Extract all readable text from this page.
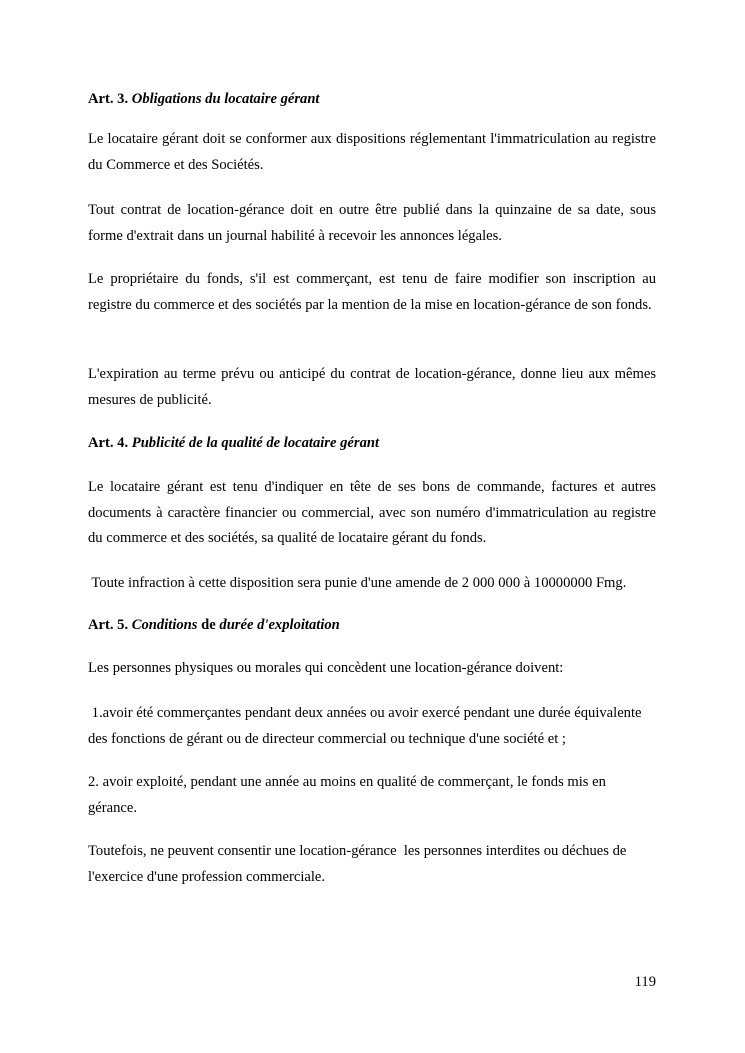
Art. 3. Obligations du locataire gérant

Le locataire gérant doit se conformer aux dispositions réglementant l'immatriculation au registre du Commerce et des Sociétés.

Tout contrat de location-gérance doit en outre être publié dans la quinzaine de sa date, sous forme d'extrait dans un journal habilité à recevoir les annonces légales.

Le propriétaire du fonds, s'il est commerçant, est tenu de faire modifier son inscription au registre du commerce et des sociétés par la mention de la mise en location-gérance de son fonds.

L'expiration au terme prévu ou anticipé du contrat de location-gérance, donne lieu aux mêmes mesures de publicité.

Art. 4. Publicité de la qualité de locataire gérant

Le locataire gérant est tenu d'indiquer en tête de ses bons de commande, factures et autres documents à caractère financier ou commercial, avec son numéro d'immatriculation au registre du commerce et des sociétés, sa qualité de locataire gérant du fonds.

Toute infraction à cette disposition sera punie d'une amende de 2 000 000 à 10000000 Fmg.

Art. 5. Conditions de durée d'exploitation

Les personnes physiques ou morales qui concèdent une location-gérance doivent:

1.avoir été commerçantes pendant deux années ou avoir exercé pendant une durée équivalente des fonctions de gérant ou de directeur commercial ou technique d'une société et ;

2. avoir exploité, pendant une année au moins en qualité de commerçant, le fonds mis en gérance.

Toutefois, ne peuvent consentir une location-gérance  les personnes interdites ou déchues de l'exercice d'une profession commerciale.

119
